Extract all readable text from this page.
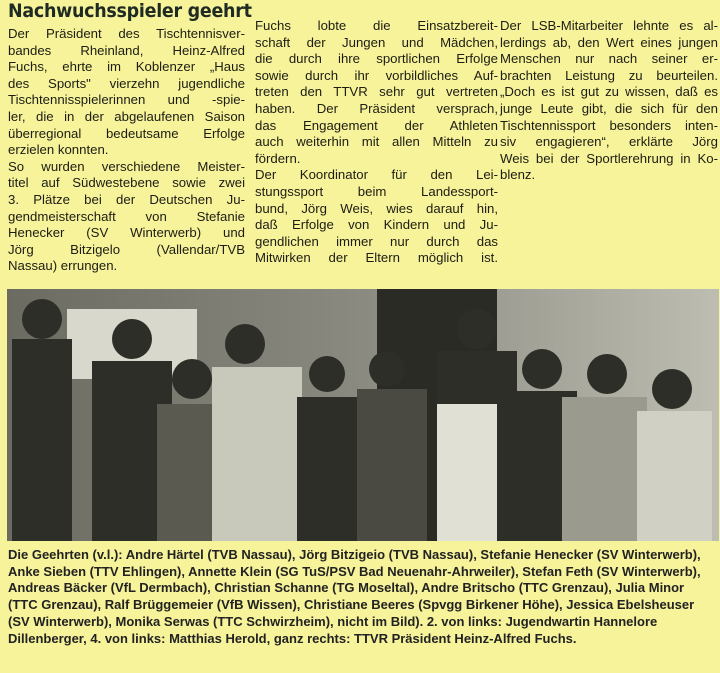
Nachwuchsspieler geehrt
Der Präsident des Tischtennisver-
bandes Rheinland, Heinz-Alfred
Fuchs, ehrte im Koblenzer „Haus
des Sports" vierzehn jugendliche
Tischtennisspielerinnen und -spie-
ler, die in der abgelaufenen Saison
überregional bedeutsame Erfolge
erzielen konnten.
So wurden verschiedene Meister-
titel auf Südwestebene sowie zwei
3. Plätze bei der Deutschen Ju-
gendmeisterschaft von Stefanie
Henecker (SV Winterwerb) und
Jörg Bitzigelo (Vallendar/TVB
Nassau) errungen.
Fuchs lobte die Einsatzbereit-
schaft der Jungen und Mädchen,
die durch ihre sportlichen Erfolge
sowie durch ihr vorbildliches Auf-
treten den TTVR sehr gut vertreten
haben. Der Präsident versprach,
das Engagement der Athleten
auch weiterhin mit allen Mitteln zu
fördern.
Der Koordinator für den Lei-
stungssport beim Landessport-
bund, Jörg Weis, wies darauf hin,
daß Erfolge von Kindern und Ju-
gendlichen immer nur durch das
Mitwirken der Eltern möglich ist.
Der LSB-Mitarbeiter lehnte es al-
lerdings ab, den Wert eines jungen
Menschen nur nach seiner er-
brachten Leistung zu beurteilen.
„Doch es ist gut zu wissen, daß es
junge Leute gibt, die sich für den
Tischtennissport besonders inten-
siv engagieren“, erklärte Jörg
Weis bei der Sportlerehrung in Ko-
blenz.
Die Geehrten (v.l.): Andre Härtel (TVB Nassau), Jörg Bitzigeio (TVB Nassau), Stefanie Henecker (SV Winterwerb), Anke Sieben (TTV Ehlingen), Annette Klein (SG TuS/PSV Bad Neuenahr-Ahrweiler), Stefan Feth (SV Winterwerb), Andreas Bäcker (VfL Dermbach), Christian Schanne (TG Moseltal), Andre Britscho (TTC Grenzau), Julia Minor (TTC Grenzau), Ralf Brüggemeier (VfB Wissen), Christiane Beeres (Spvgg Birkener Höhe), Jessica Ebelsheuser (SV Winterwerb), Monika Serwas (TTC Schwirzheim), nicht im Bild). 2. von links: Jugendwartin Hannelore Dillenberger, 4. von links: Matthias Herold, ganz rechts: TTVR Präsident Heinz-Alfred Fuchs.
